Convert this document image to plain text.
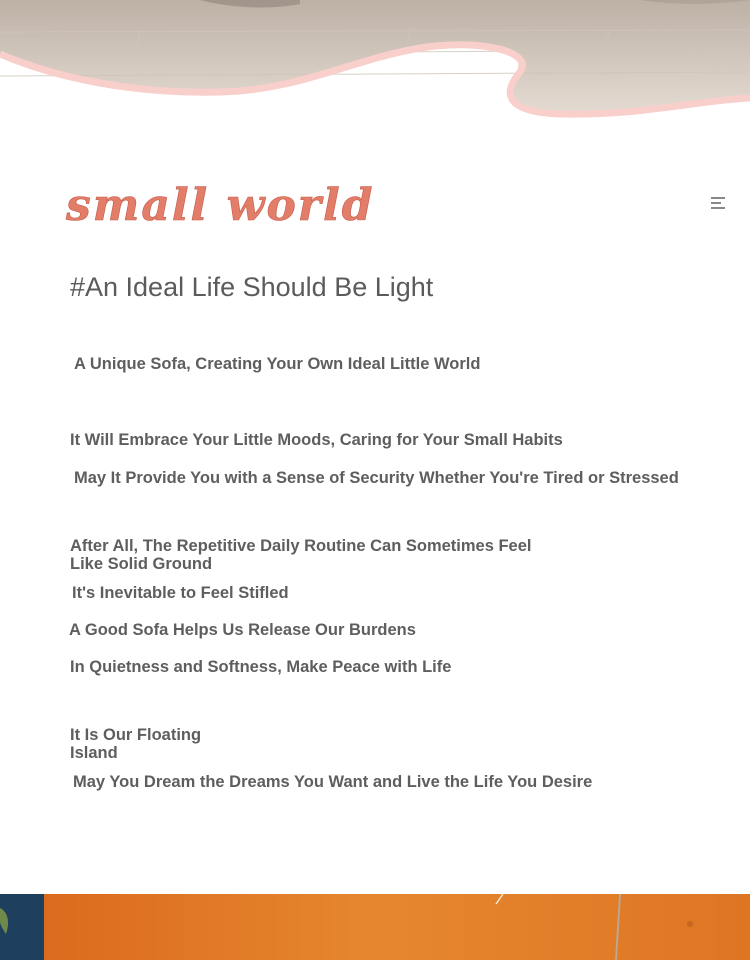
small world
#An Ideal Life Should Be Light

A Unique Sofa, Creating Your Own Ideal Little World

It Will Embrace Your Little Moods, Caring for Your Small Habits

May It Provide You with a Sense of Security Whether You're Tired or Stressed

After All, The Repetitive Daily Routine Can Sometimes Feel Like Solid Ground

It's Inevitable to Feel Stifled

A Good Sofa Helps Us Release Our Burdens

In Quietness and Softness, Make Peace with Life

It Is Our Floating Island

May You Dream the Dreams You Want and Live the Life You Desire
